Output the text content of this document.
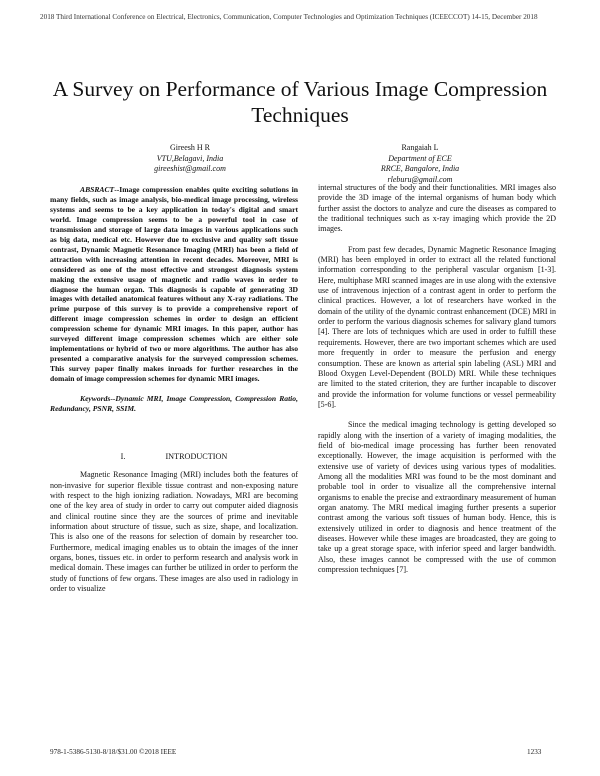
2018 Third International Conference on Electrical, Electronics, Communication, Computer Technologies and Optimization Techniques (ICEECCOT) 14-15, December 2018
A Survey on Performance of Various Image Compression Techniques
Gireesh H R
VTU,Belagavi, India
gireeshist@gmail.com
Rangaiah L
Department of ECE
RRCE, Bangalore, India
rleburu@gmail.com

ABSRACT--Image compression enables quite exciting solutions in many fields, such as image analysis, bio-medical image processing, wireless systems and seems to be a key application in today's digital and smart world. Image compression seems to be a powerful tool in case of transmission and storage of large data images in various applications such as big data, medical etc. However due to exclusive and quality soft tissue contrast, Dynamic Magnetic Resonance Imaging (MRI) has been a field of attraction with increasing attention in recent decades. Moreover, MRI is considered as one of the most effective and strongest diagnosis system making the extensive usage of magnetic and radio waves in order to diagnose the human organ. This diagnosis is capable of generating 3D images with detailed anatomical features without any X-ray radiations. The prime purpose of this survey is to provide a comprehensive report of different image compression schemes in order to design an efficient compression scheme for dynamic MRI images. In this paper, author has surveyed different image compression schemes which are either sole implementations or hybrid of two or more algorithms. The author has also presented a comparative analysis for the surveyed compression schemes. This survey paper finally makes inroads for further researches in the domain of image compression schemes for dynamic MRI images.

Keywords--Dynamic MRI, Image Compression, Compression Ratio, Redundancy, PSNR, SSIM.

I.	INTRODUCTION

Magnetic Resonance Imaging (MRI) includes both the features of non-invasive for superior flexible tissue contrast and non-exposing nature with respect to the high ionizing radiation. Nowadays, MRI are becoming one of the key area of study in order to carry out computer aided diagnosis and clinical routine since they are the sources of prime and inevitable information about structure of tissue, such as size, shape, and localization. This is also one of the reasons for selection of domain by researcher too. Furthermore, medical imaging enables us to obtain the images of the inner organs, bones, tissues etc. in order to perform research and analysis work in medical domain. These images can further be utilized in order to perform the study of functions of few organs. These images are also used in radiology in order to visualize

internal structures of the body and their functionalities. MRI images also provide the 3D image of the internal organisms of human body which further assist the doctors to analyze and cure the diseases as compared to the traditional techniques such as x-ray imaging which provide the 2D images.

From past few decades, Dynamic Magnetic Resonance Imaging (MRI) has been employed in order to extract all the related functional information corresponding to the peripheral vascular organism [1-3]. Here, multiphase MRI scanned images are in use along with the extensive use of intravenous injection of a contrast agent in order to perform the clinical practices. However, a lot of researchers have worked in the domain of the utility of the dynamic contrast enhancement (DCE) MRI in order to perform the various diagnosis schemes for salivary gland tumors [4]. There are lots of techniques which are used in order to fulfill these requirements. However, there are two important schemes which are used more frequently in order to measure the perfusion and energy consumption. These are known as arterial spin labeling (ASL) MRI and Blood Oxygen Level-Dependent (BOLD) MRI. While these techniques are limited to the stated criterion, they are further incapable to discover and provide the information for volume functions or vessel permeability [5-6].

Since the medical imaging technology is getting developed so rapidly along with the insertion of a variety of imaging modalities, the field of bio-medical image processing has further been renovated exceptionally. However, the image acquisition is performed with the extensive use of variety of devices using various types of modalities. Among all the modalities MRI was found to be the most dominant and probable tool in order to visualize all the comprehensive internal organisms to enable the precise and extraordinary measurement of human organ anatomy. The MRI medical imaging further presents a superior contrast among the various soft tissues of human body. Hence, this is extensively utilized in order to diagnosis and hence treatment of the diseases. However while these images are broadcasted, they are going to take up a great storage space, with inferior speed and larger bandwidth. Also, these images cannot be compressed with the use of common compression techniques [7].

978-1-5386-5130-8/18/$31.00 ©2018 IEEE	1233
